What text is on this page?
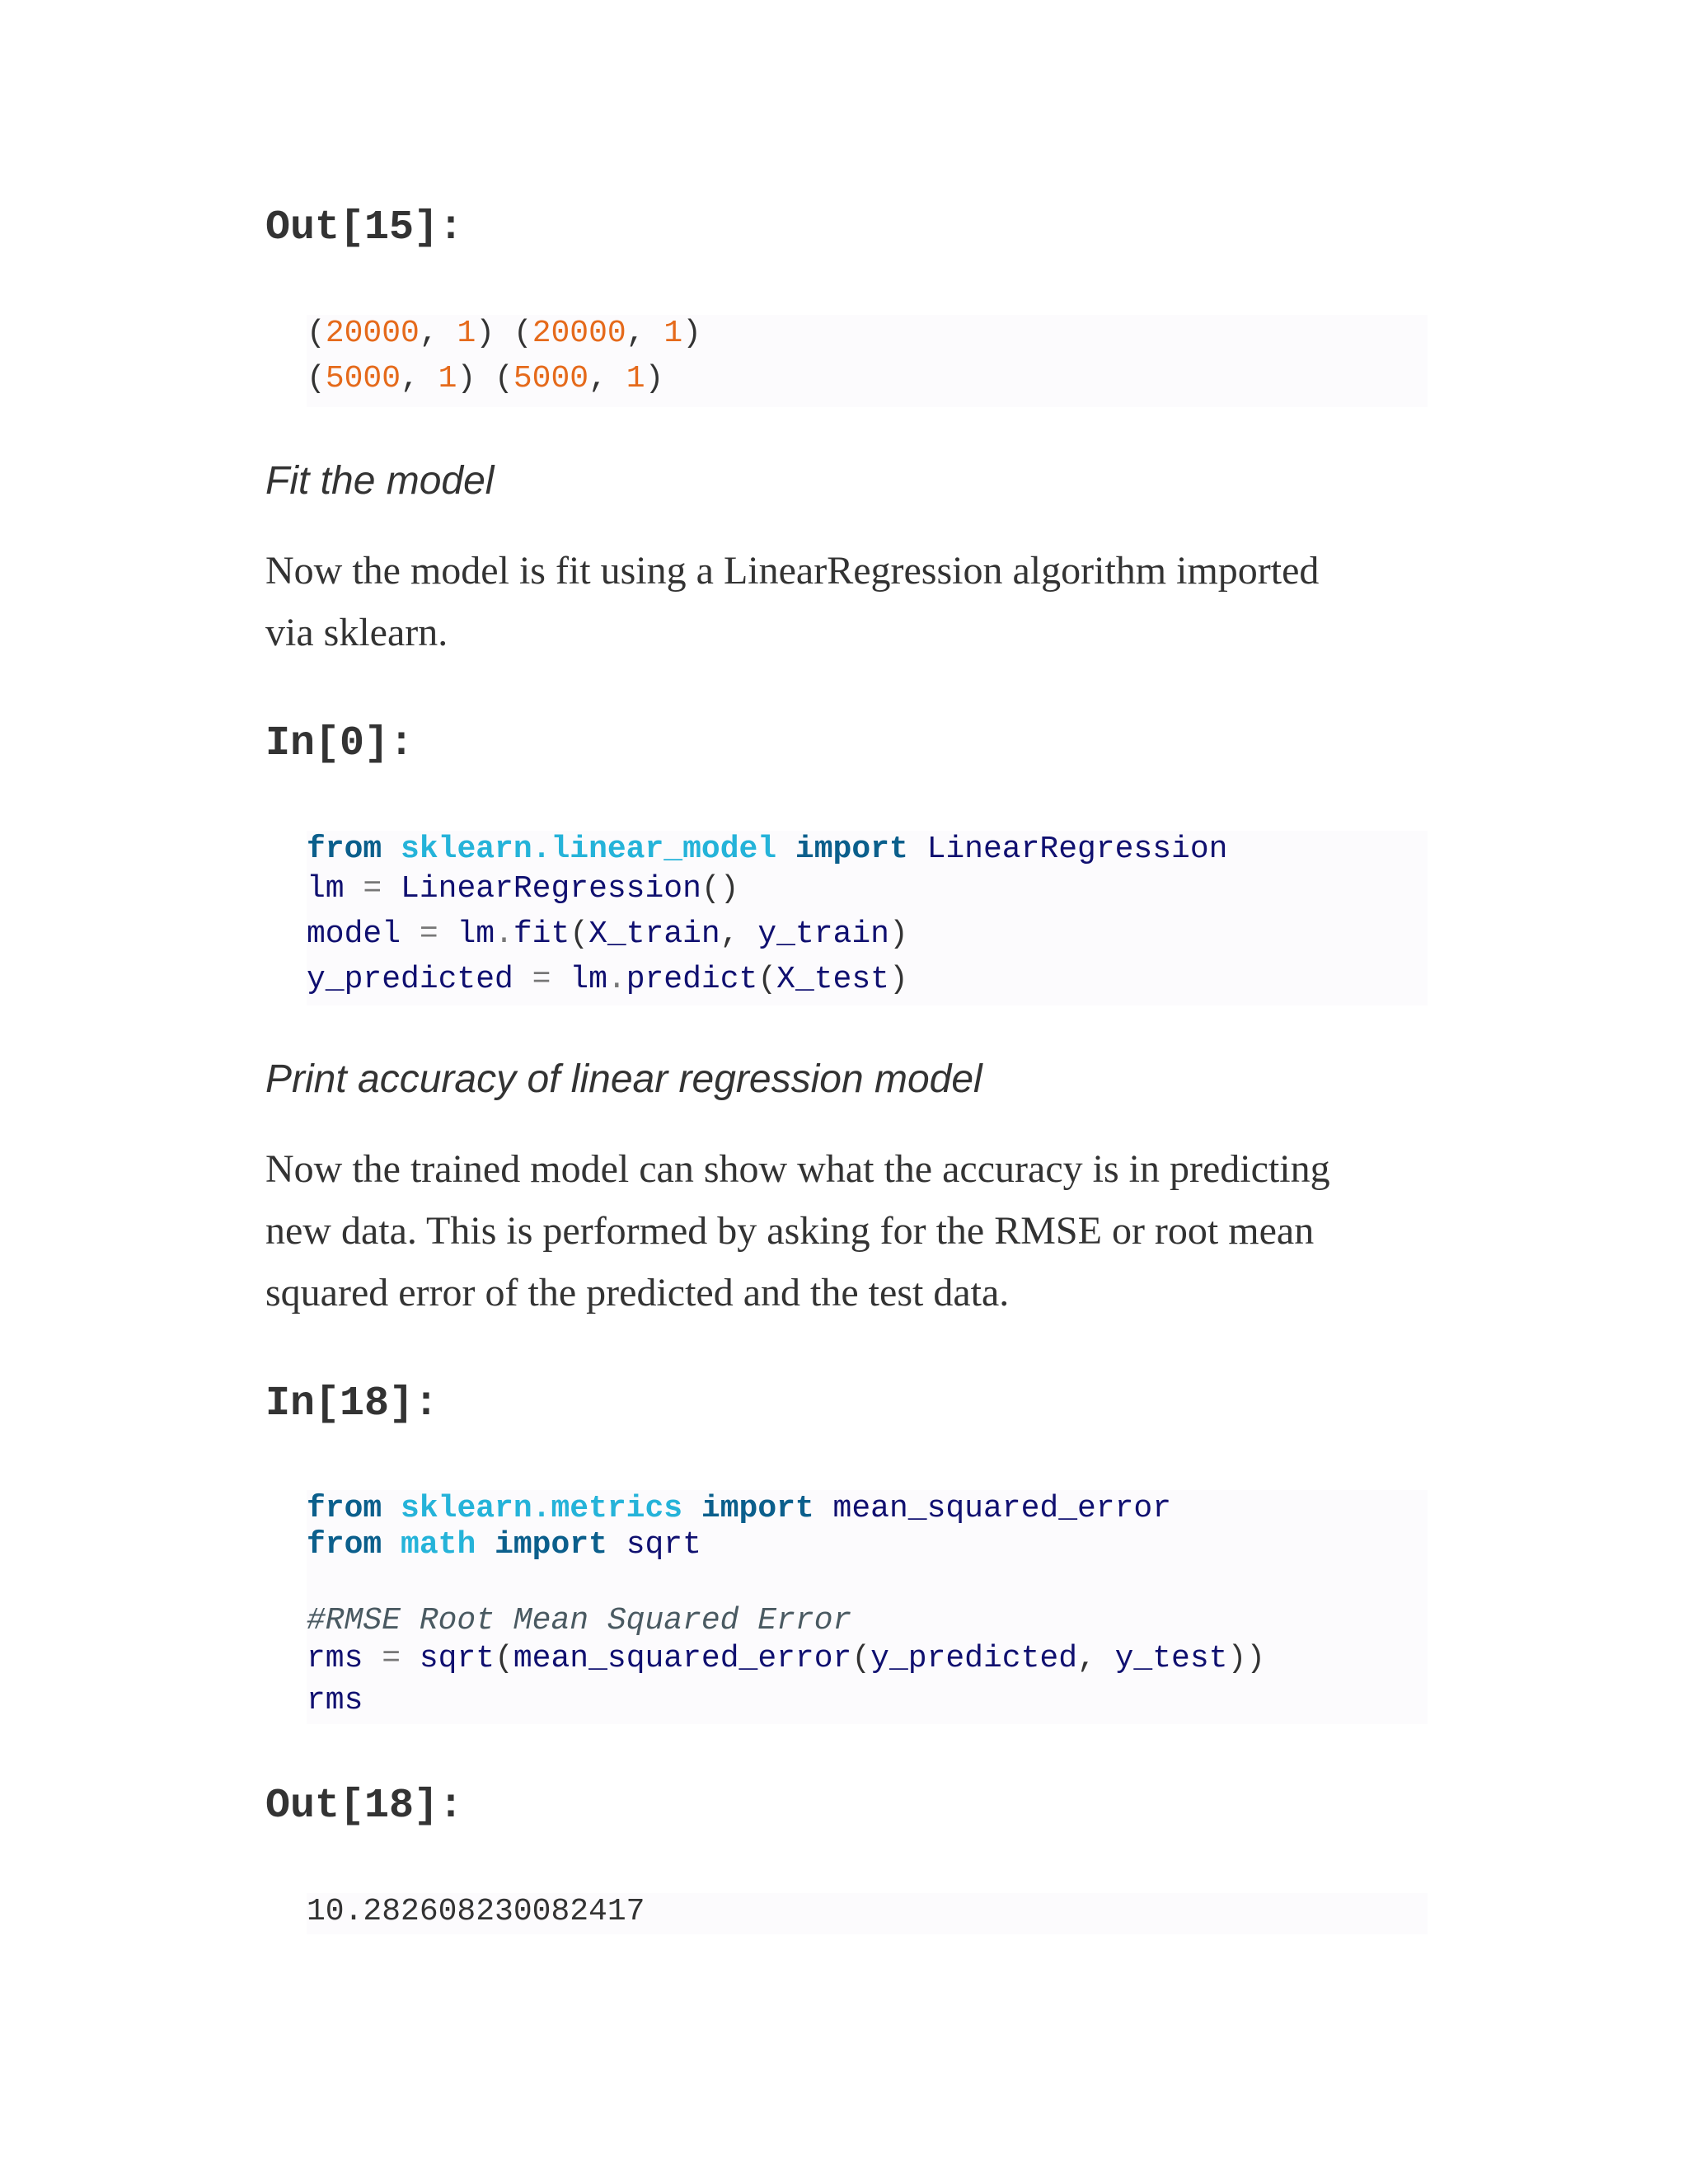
Out[15]:
(20000, 1) (20000, 1)
(5000, 1) (5000, 1)
Fit the model
Now the model is fit using a LinearRegression algorithm imported
via sklearn.
In[0]:
from sklearn.linear_model import LinearRegression
lm = LinearRegression()
model = lm.fit(X_train, y_train)
y_predicted = lm.predict(X_test)
Print accuracy of linear regression model
Now the trained model can show what the accuracy is in predicting
new data. This is performed by asking for the RMSE or root mean
squared error of the predicted and the test data.
In[18]:
from sklearn.metrics import mean_squared_error
from math import sqrt
#RMSE Root Mean Squared Error
rms = sqrt(mean_squared_error(y_predicted, y_test))
rms
Out[18]:
10.282608230082417
